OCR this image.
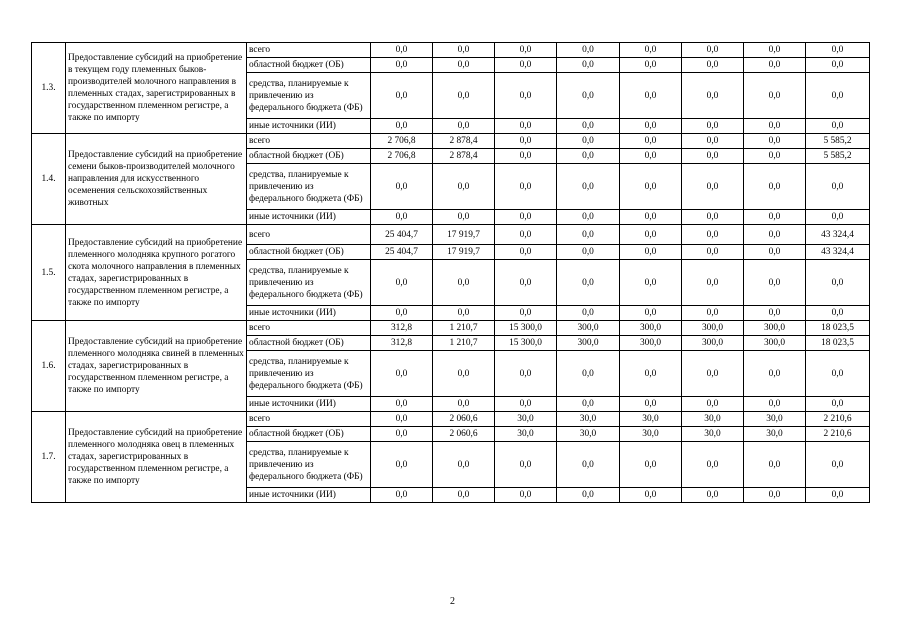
1.3.	Предоставление субсидий на приобретение в текущем году племенных быков-производителей молочного направления в племенных стадах, зарегистрированных в государственном племенном регистре, а также по импорту	всего	0,0	0,0	0,0	0,0	0,0	0,0	0,0	0,0
		областной бюджет (ОБ)	0,0	0,0	0,0	0,0	0,0	0,0	0,0	0,0
		средства, планируемые к привлечению из федерального бюджета (ФБ)	0,0	0,0	0,0	0,0	0,0	0,0	0,0	0,0
		иные источники (ИИ)	0,0	0,0	0,0	0,0	0,0	0,0	0,0	0,0
1.4.	Предоставление субсидий на приобретение семени быков-производителей молочного направления для искусственного осеменения сельскохозяйственных животных	всего	2 706,8	2 878,4	0,0	0,0	0,0	0,0	0,0	5 585,2
		областной бюджет (ОБ)	2 706,8	2 878,4	0,0	0,0	0,0	0,0	0,0	5 585,2
		средства, планируемые к привлечению из федерального бюджета (ФБ)	0,0	0,0	0,0	0,0	0,0	0,0	0,0	0,0
		иные источники (ИИ)	0,0	0,0	0,0	0,0	0,0	0,0	0,0	0,0
1.5.	Предоставление субсидий на приобретение племенного молодняка крупного рогатого скота молочного направления в племенных стадах, зарегистрированных в государственном племенном регистре, а также по импорту	всего	25 404,7	17 919,7	0,0	0,0	0,0	0,0	0,0	43 324,4
		областной бюджет (ОБ)	25 404,7	17 919,7	0,0	0,0	0,0	0,0	0,0	43 324,4
		средства, планируемые к привлечению из федерального бюджета (ФБ)	0,0	0,0	0,0	0,0	0,0	0,0	0,0	0,0
		иные источники (ИИ)	0,0	0,0	0,0	0,0	0,0	0,0	0,0	0,0
1.6.	Предоставление субсидий на приобретение племенного молодняка свиней в племенных стадах, зарегистрированных в государственном племенном регистре, а также по импорту	всего	312,8	1 210,7	15 300,0	300,0	300,0	300,0	300,0	18 023,5
		областной бюджет (ОБ)	312,8	1 210,7	15 300,0	300,0	300,0	300,0	300,0	18 023,5
		средства, планируемые к привлечению из федерального бюджета (ФБ)	0,0	0,0	0,0	0,0	0,0	0,0	0,0	0,0
		иные источники (ИИ)	0,0	0,0	0,0	0,0	0,0	0,0	0,0	0,0
1.7.	Предоставление субсидий на приобретение племенного молодняка овец в племенных стадах, зарегистрированных в государственном племенном регистре, а также по импорту	всего	0,0	2 060,6	30,0	30,0	30,0	30,0	30,0	2 210,6
		областной бюджет (ОБ)	0,0	2 060,6	30,0	30,0	30,0	30,0	30,0	2 210,6
		средства, планируемые к привлечению из федерального бюджета (ФБ)	0,0	0,0	0,0	0,0	0,0	0,0	0,0	0,0
		иные источники (ИИ)	0,0	0,0	0,0	0,0	0,0	0,0	0,0	0,0
2
